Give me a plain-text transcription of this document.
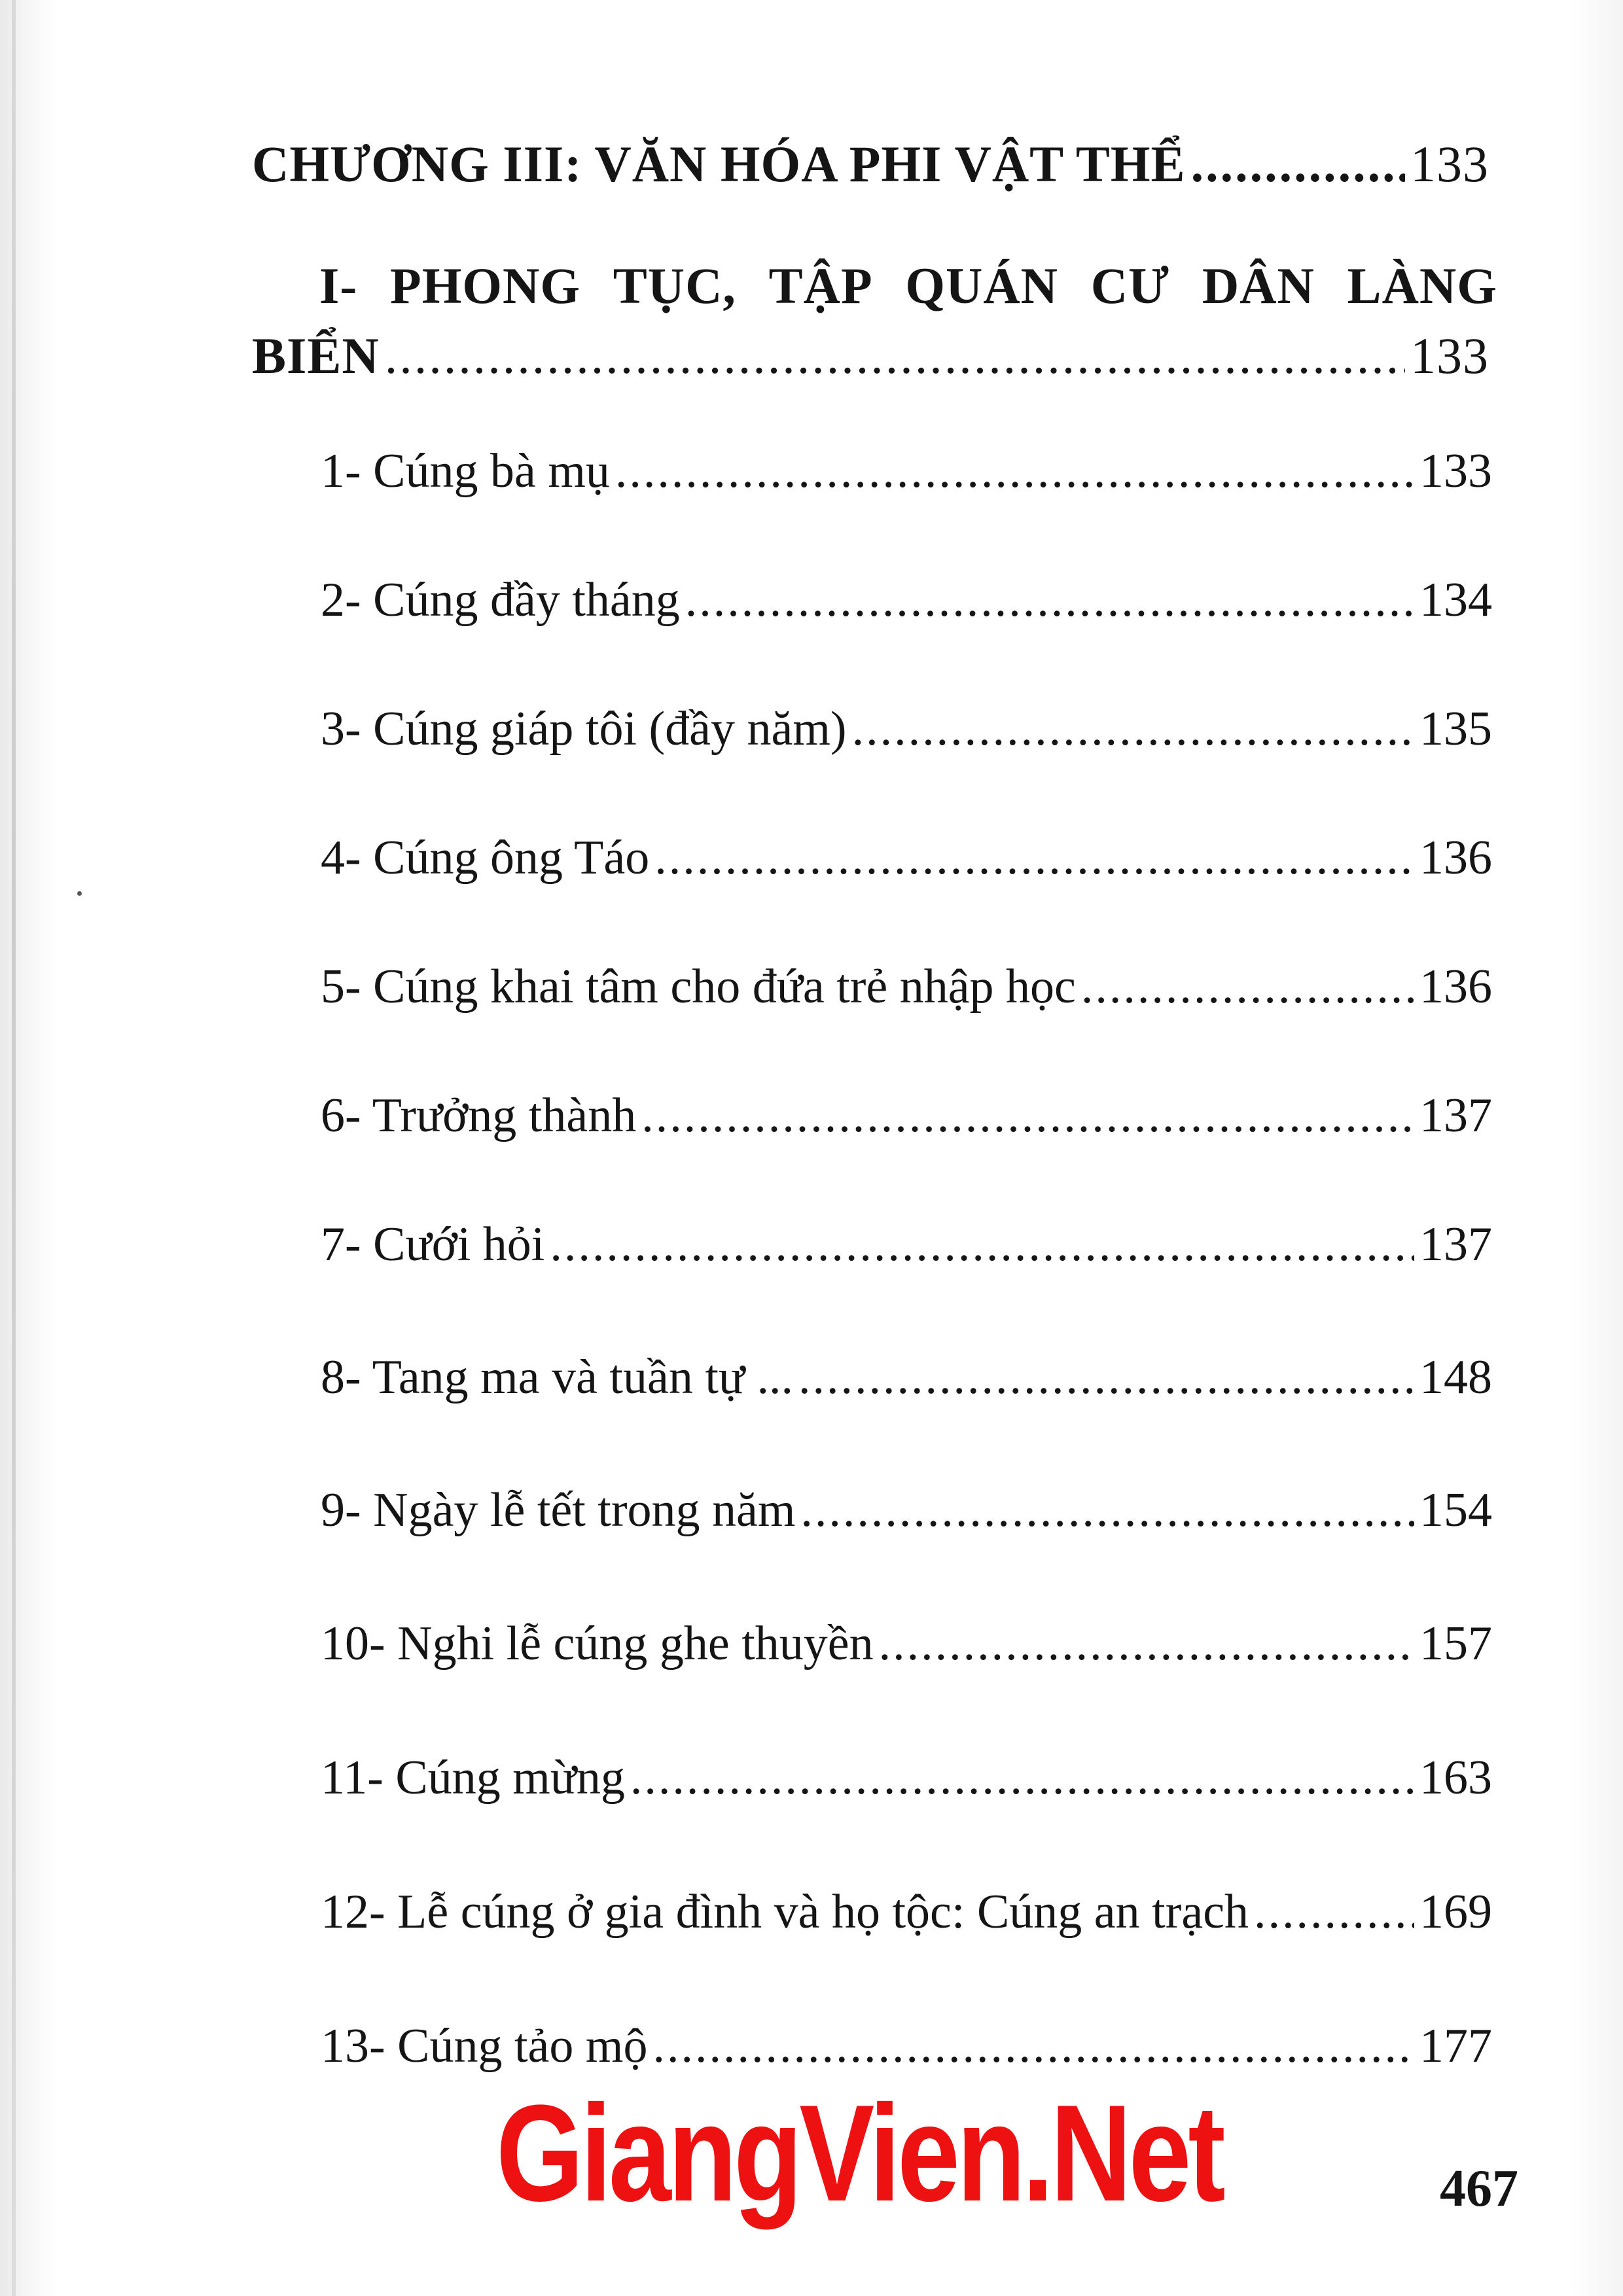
CHƯƠNG III: VĂN HÓA PHI VẬT THỂ .....	133
I- PHONG TỤC, TẬP QUÁN CƯ DÂN LÀNG
BIỂN .....	133
1- Cúng bà mụ .....	133
2- Cúng đầy tháng .....	134
3- Cúng giáp tôi (đầy năm) .....	135
4- Cúng ông Táo .....	136
5- Cúng khai tâm cho đứa trẻ nhập học .....	136
6- Trưởng thành .....	137
7- Cưới hỏi .....	137
8- Tang ma và tuần tự ... .....	148
9- Ngày lễ tết trong năm .....	154
10- Nghi lễ cúng ghe thuyền .....	157
11- Cúng mừng .....	163
12- Lễ cúng ở gia đình và họ tộc: Cúng an trạch .....	169
13- Cúng tảo mộ .....	177
GiangVien.Net	467
